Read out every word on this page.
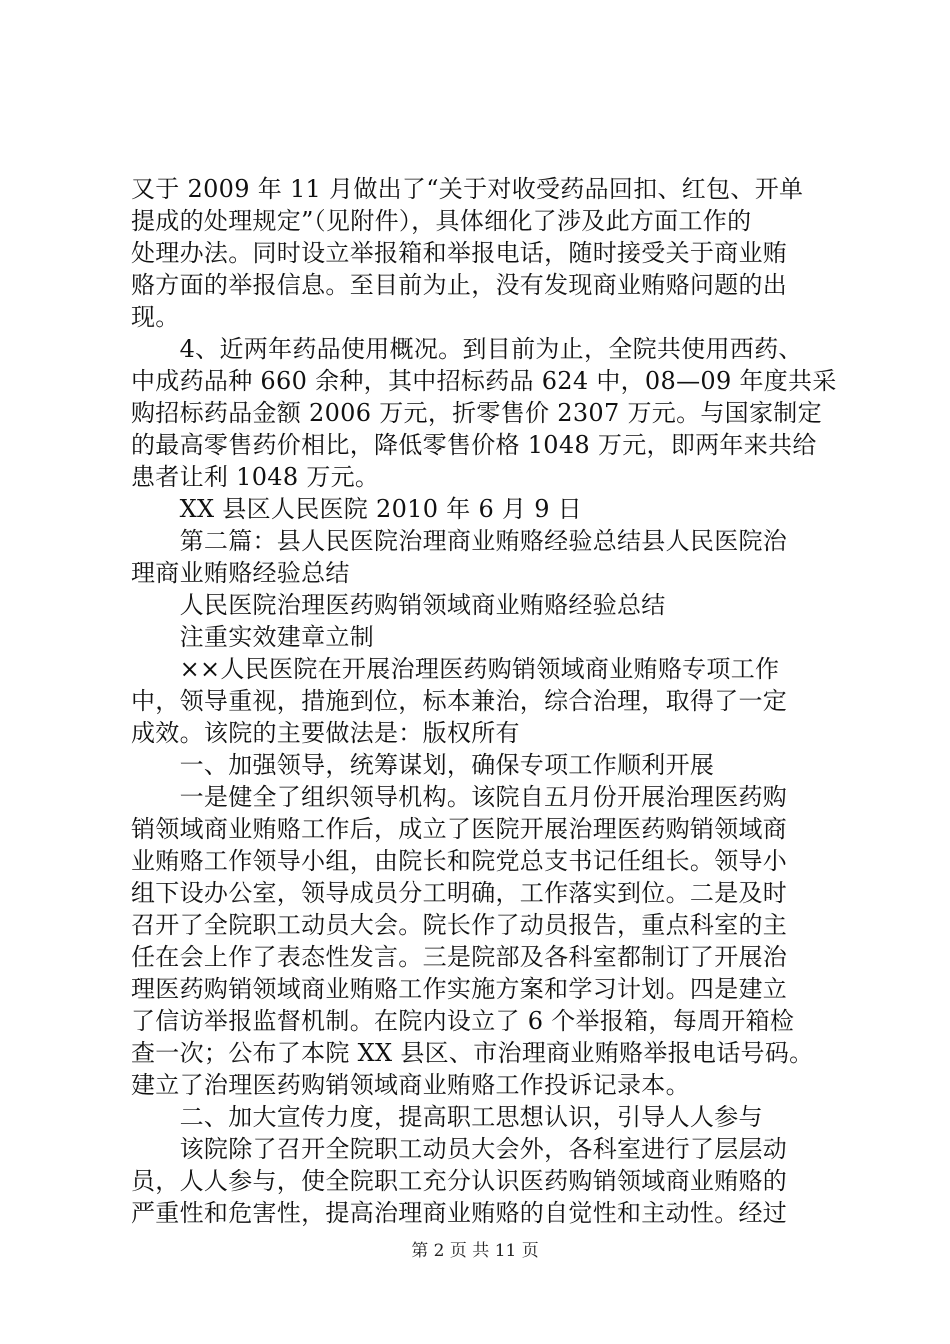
又于 2009 年 11 月做出了“关于对收受药品回扣、红包、开单
提成的处理规定”（见附件），具体细化了涉及此方面工作的
处理办法。同时设立举报箱和举报电话，随时接受关于商业贿
赂方面的举报信息。至目前为止，没有发现商业贿赂问题的出
现。
　　4、近两年药品使用概况。到目前为止，全院共使用西药、
中成药品种 660 余种，其中招标药品 624 中，08—09 年度共采
购招标药品金额 2006 万元，折零售价 2307 万元。与国家制定
的最高零售药价相比，降低零售价格 1048 万元，即两年来共给
患者让利 1048 万元。
　　XX 县区人民医院 2010 年 6 月 9 日
　　第二篇：县人民医院治理商业贿赂经验总结县人民医院治
理商业贿赂经验总结
　　人民医院治理医药购销领域商业贿赂经验总结
　　注重实效建章立制
　　××人民医院在开展治理医药购销领域商业贿赂专项工作
中，领导重视，措施到位，标本兼治，综合治理，取得了一定
成效。该院的主要做法是：版权所有
　　一、加强领导，统筹谋划，确保专项工作顺利开展
　　一是健全了组织领导机构。该院自五月份开展治理医药购
销领域商业贿赂工作后，成立了医院开展治理医药购销领域商
业贿赂工作领导小组，由院长和院党总支书记任组长。领导小
组下设办公室，领导成员分工明确，工作落实到位。二是及时
召开了全院职工动员大会。院长作了动员报告，重点科室的主
任在会上作了表态性发言。三是院部及各科室都制订了开展治
理医药购销领域商业贿赂工作实施方案和学习计划。四是建立
了信访举报监督机制。在院内设立了 6 个举报箱，每周开箱检
查一次；公布了本院 XX 县区、市治理商业贿赂举报电话号码。
建立了治理医药购销领域商业贿赂工作投诉记录本。
　　二、加大宣传力度，提高职工思想认识，引导人人参与
　　该院除了召开全院职工动员大会外，各科室进行了层层动
员，人人参与，使全院职工充分认识医药购销领域商业贿赂的
严重性和危害性，提高治理商业贿赂的自觉性和主动性。经过
第 2 页 共 11 页
